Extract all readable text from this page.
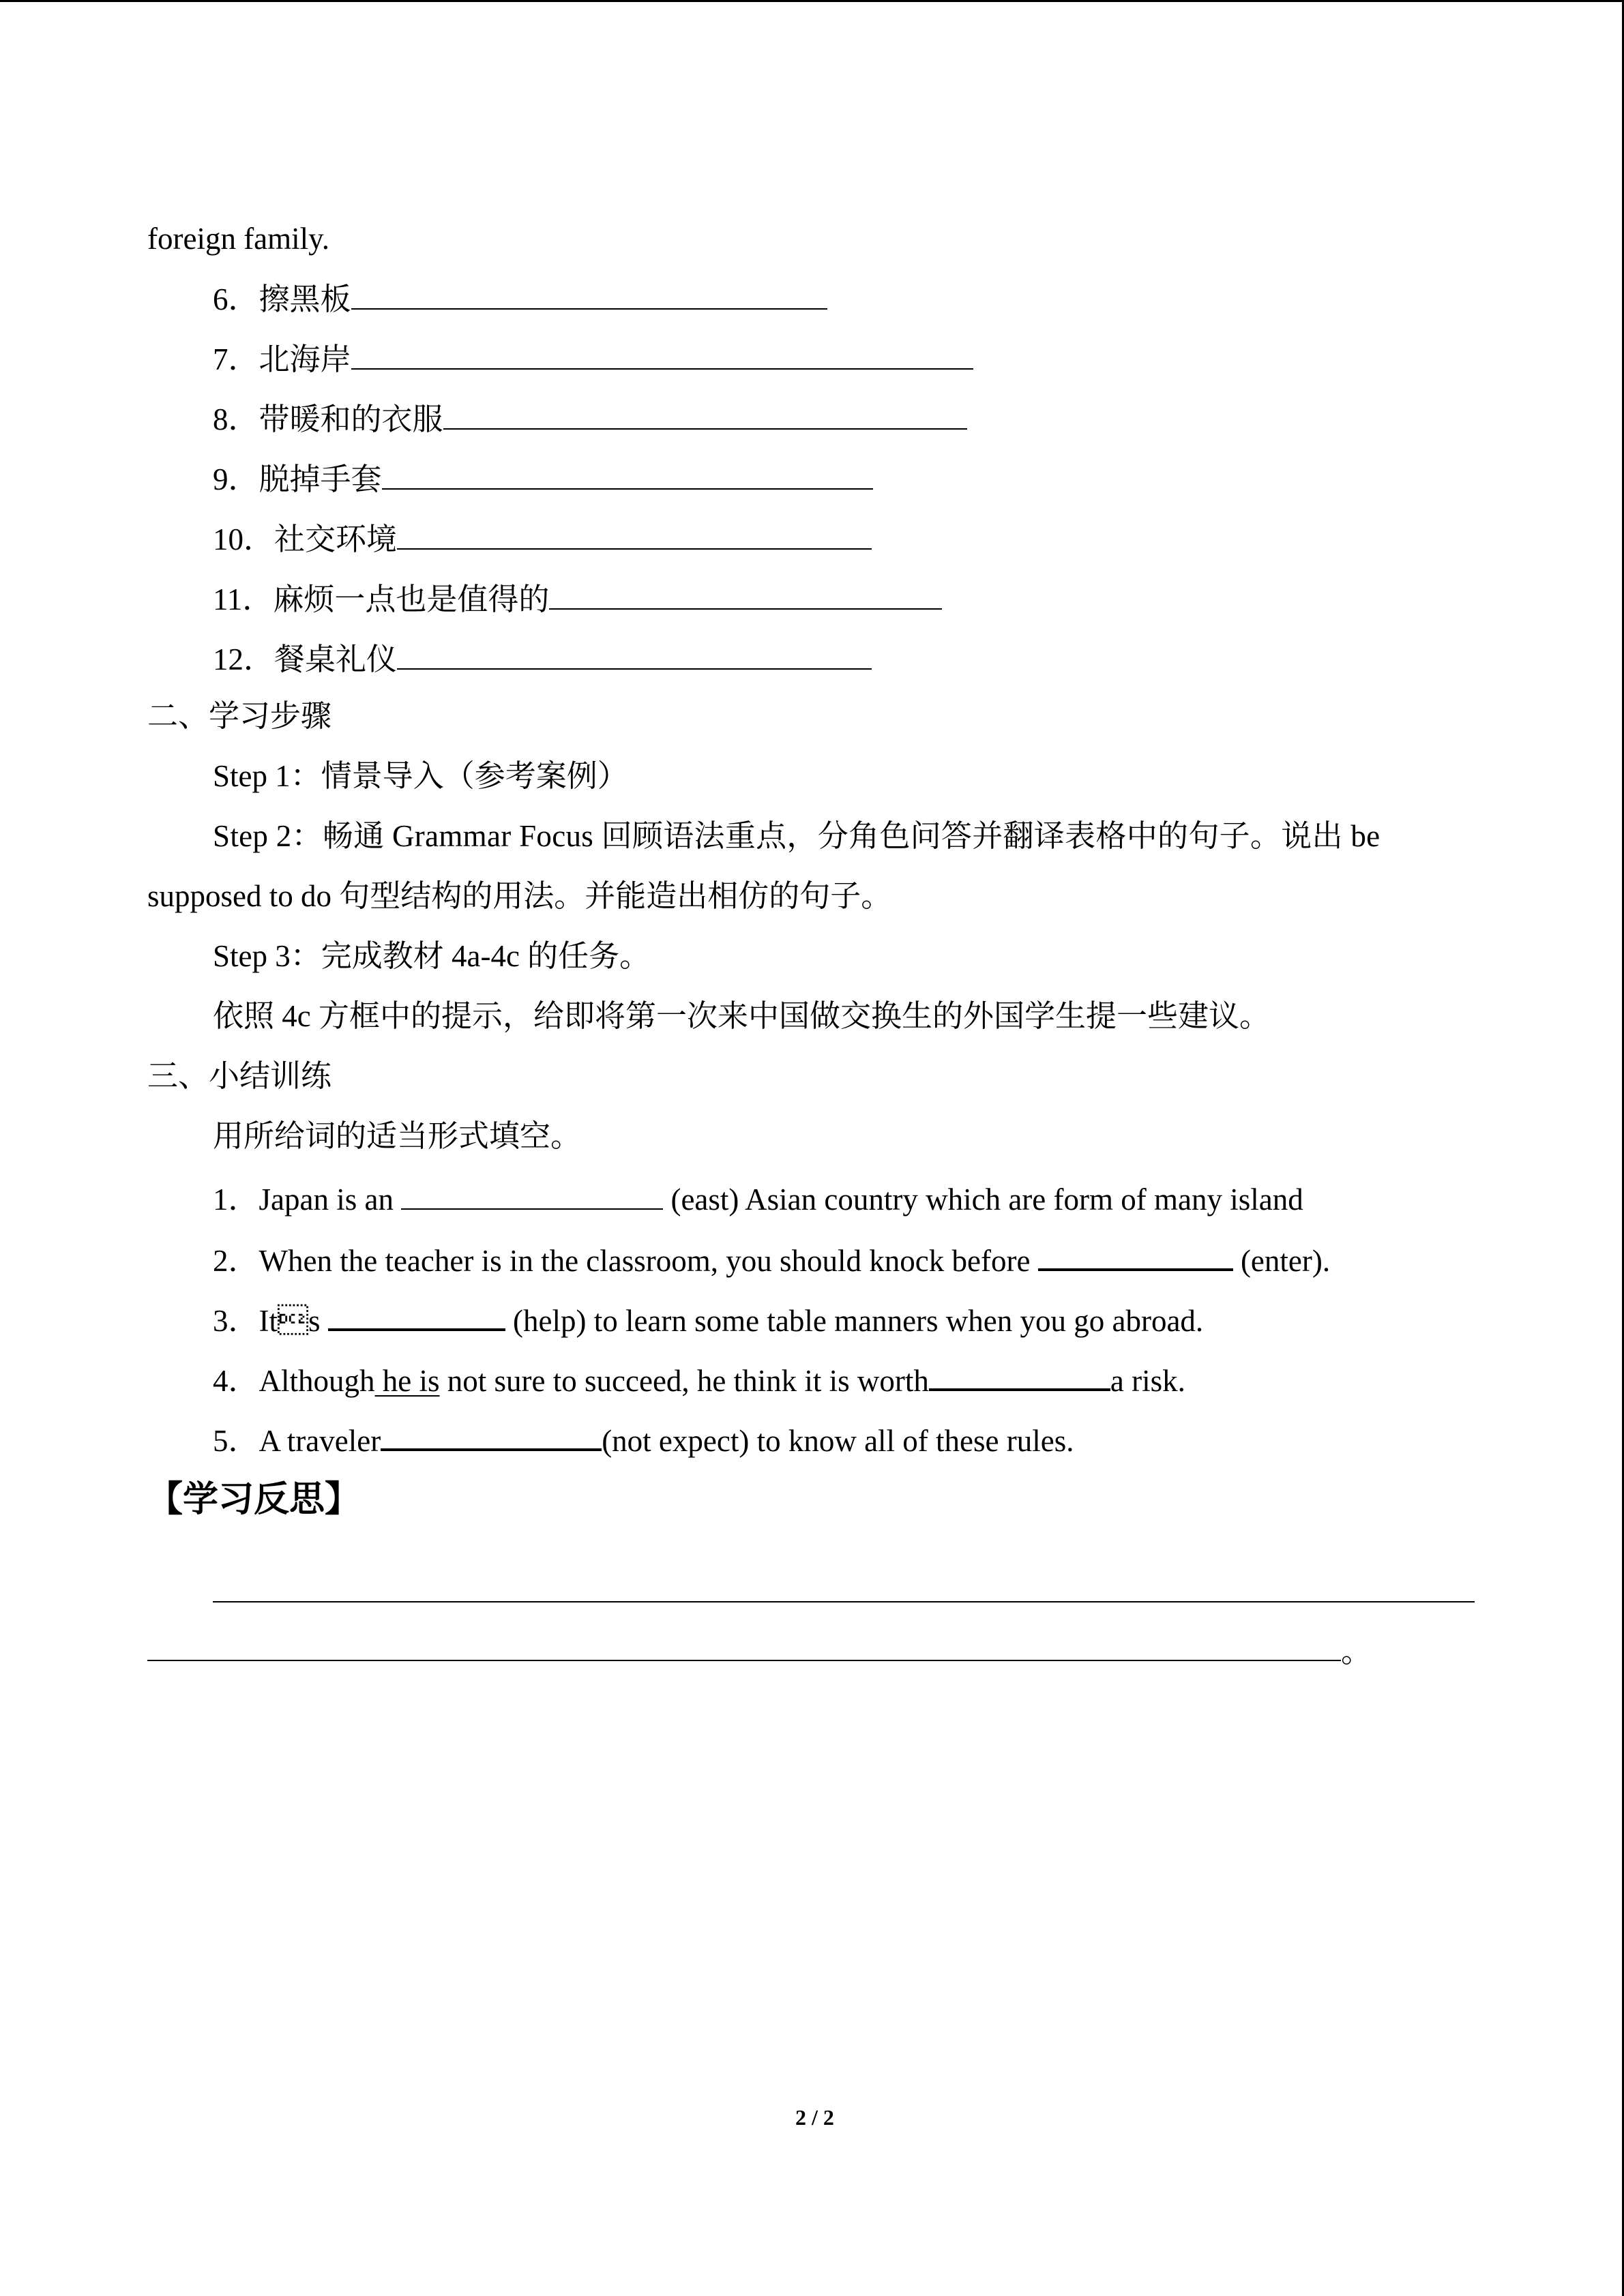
foreign family.
6．擦黑板
7．北海岸
8．带暖和的衣服
9．脱掉手套
10．社交环境
11．麻烦一点也是值得的
12．餐桌礼仪
二、学习步骤
Step 1：情景导入（参考案例）
Step 2：畅通 Grammar Focus 回顾语法重点，分角色问答并翻译表格中的句子。说出 be
supposed to do 句型结构的用法。并能造出相仿的句子。
Step 3：完成教材 4a-4c 的任务。
依照 4c 方框中的提示，给即将第一次来中国做交换生的外国学生提一些建议。
三、小结训练
用所给词的适当形式填空。
1．Japan is an	(east) Asian country which are form of many island
2．When the teacher is in the classroom, you should knock before	(enter).
3．Its	(help) to learn some table manners when you go abroad.
4．Although he is not sure to succeed, he think it is worth	a risk.
5．A traveler	(not expect) to know all of these rules.
【学习反思】
。
2 / 2
